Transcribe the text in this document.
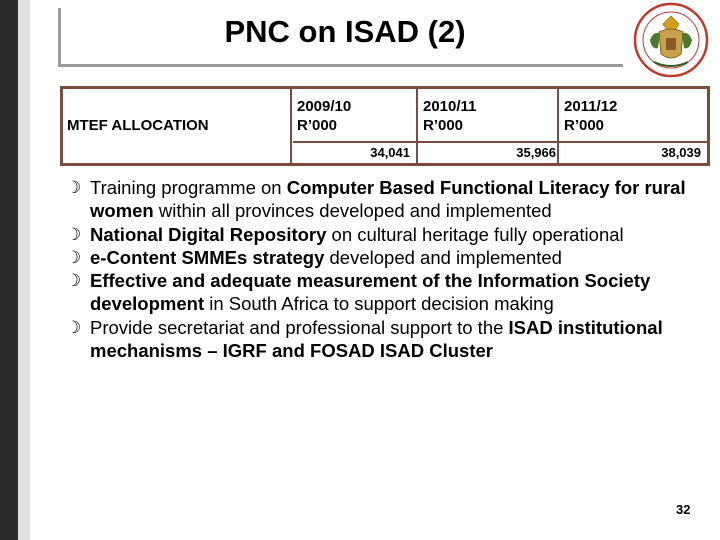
PNC on ISAD (2)
MTEF ALLOCATION
2009/10
R’000
2010/11
R’000
2011/12
R’000
34,041	35,966	38,039
☽ Training programme on Computer Based Functional Literacy for rural women within all provinces developed and implemented
☽ National Digital Repository on cultural heritage fully operational
☽ e-Content SMMEs strategy developed and implemented
☽ Effective and adequate measurement of the Information Society development in South Africa to support decision making
☽ Provide secretariat and professional support to the ISAD institutional mechanisms – IGRF and FOSAD ISAD Cluster
32
